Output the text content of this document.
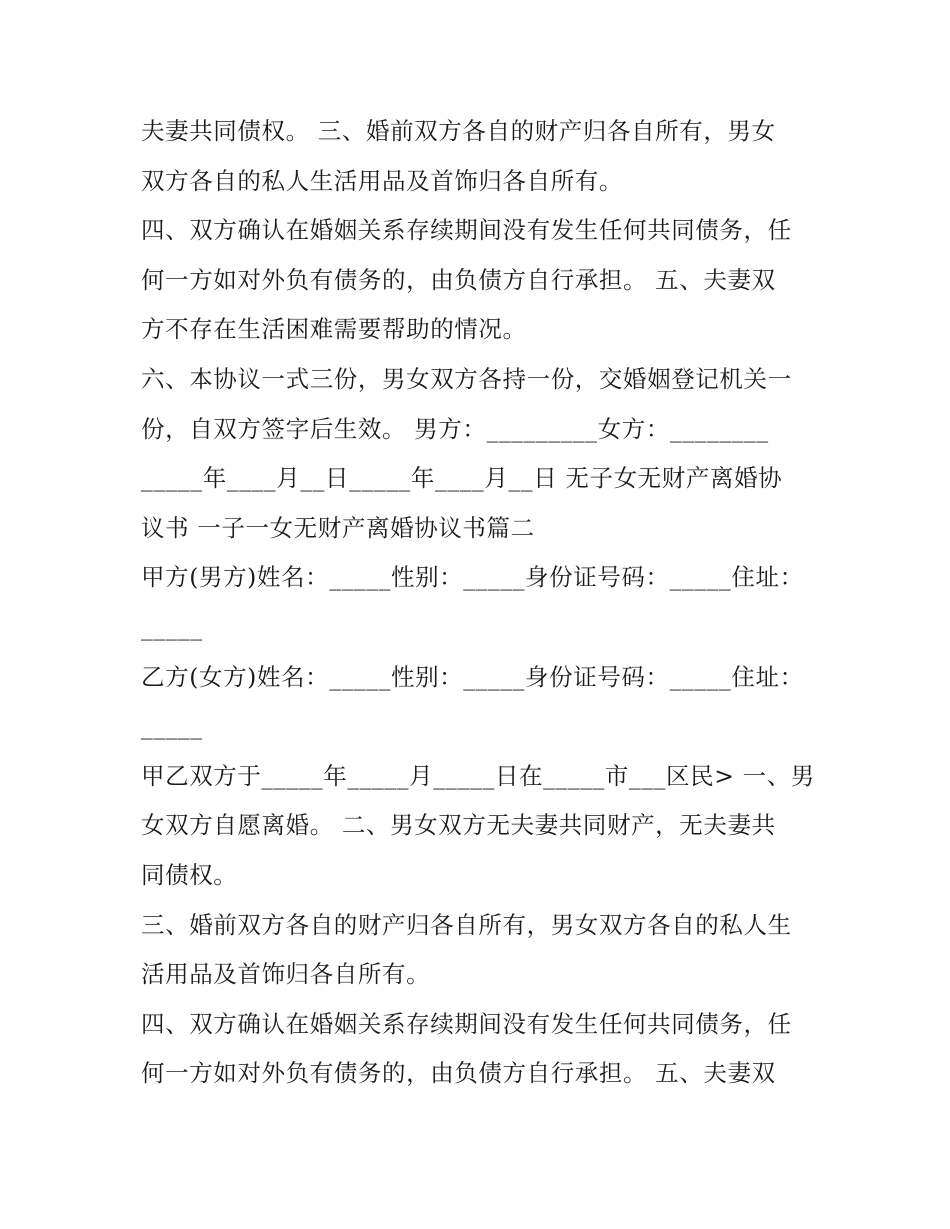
夫妻共同债权。 三、婚前双方各自的财产归各自所有，男女
双方各自的私人生活用品及首饰归各自所有。
四、双方确认在婚姻关系存续期间没有发生任何共同债务，任
何一方如对外负有债务的，由负债方自行承担。 五、夫妻双
方不存在生活困难需要帮助的情况。
六、本协议一式三份，男女双方各持一份，交婚姻登记机关一
份，自双方签字后生效。 男方：_________女方：________
_____年____月__日_____年____月__日 无子女无财产离婚协
议书 一子一女无财产离婚协议书篇二
甲方(男方)姓名：_____性别：_____身份证号码：_____住址：
_____
乙方(女方)姓名：_____性别：_____身份证号码：_____住址：
_____
甲乙双方于_____年_____月_____日在_____市___区民> 一、男
女双方自愿离婚。 二、男女双方无夫妻共同财产，无夫妻共
同债权。
三、婚前双方各自的财产归各自所有，男女双方各自的私人生
活用品及首饰归各自所有。
四、双方确认在婚姻关系存续期间没有发生任何共同债务，任
何一方如对外负有债务的，由负债方自行承担。 五、夫妻双
